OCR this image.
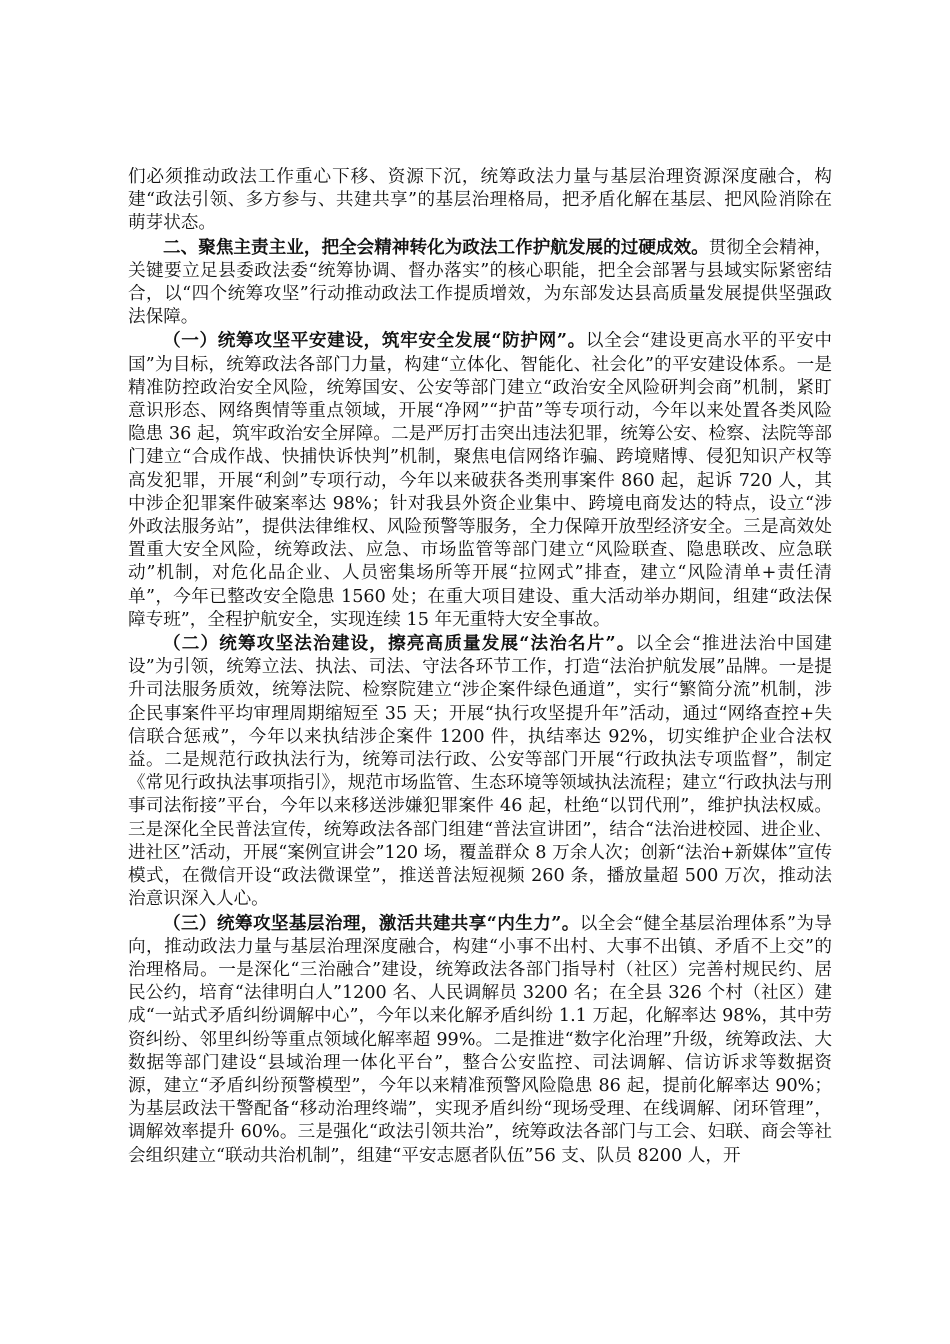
们必须推动政法工作重心下移、资源下沉，统筹政法力量与基层治理资源深度融合，构建“政法引领、多方参与、共建共享”的基层治理格局，把矛盾化解在基层、把风险消除在萌芽状态。

二、聚焦主责主业，把全会精神转化为政法工作护航发展的过硬成效。贯彻全会精神，关键要立足县委政法委“统筹协调、督办落实”的核心职能，把全会部署与县域实际紧密结合，以“四个统筹攻坚”行动推动政法工作提质增效，为东部发达县高质量发展提供坚强政法保障。

（一）统筹攻坚平安建设，筑牢安全发展“防护网”。以全会“建设更高水平的平安中国”为目标，统筹政法各部门力量，构建“立体化、智能化、社会化”的平安建设体系。一是精准防控政治安全风险，统筹国安、公安等部门建立“政治安全风险研判会商”机制，紧盯意识形态、网络舆情等重点领域，开展“净网”“护苗”等专项行动，今年以来处置各类风险隐患 36 起，筑牢政治安全屏障。二是严厉打击突出违法犯罪，统筹公安、检察、法院等部门建立“合成作战、快捕快诉快判”机制，聚焦电信网络诈骗、跨境赌博、侵犯知识产权等高发犯罪，开展“利剑”专项行动，今年以来破获各类刑事案件 860 起，起诉 720 人，其中涉企犯罪案件破案率达 98%；针对我县外资企业集中、跨境电商发达的特点，设立“涉外政法服务站”，提供法律维权、风险预警等服务，全力保障开放型经济安全。三是高效处置重大安全风险，统筹政法、应急、市场监管等部门建立“风险联查、隐患联改、应急联动”机制，对危化品企业、人员密集场所等开展“拉网式”排查，建立“风险清单+责任清单”，今年已整改安全隐患 1560 处；在重大项目建设、重大活动举办期间，组建“政法保障专班”，全程护航安全，实现连续 15 年无重特大安全事故。

（二）统筹攻坚法治建设，擦亮高质量发展“法治名片”。以全会“推进法治中国建设”为引领，统筹立法、执法、司法、守法各环节工作，打造“法治护航发展”品牌。一是提升司法服务质效，统筹法院、检察院建立“涉企案件绿色通道”，实行“繁简分流”机制，涉企民事案件平均审理周期缩短至 35 天；开展“执行攻坚提升年”活动，通过“网络查控+失信联合惩戒”，今年以来执结涉企案件 1200 件，执结率达 92%，切实维护企业合法权益。二是规范行政执法行为，统筹司法行政、公安等部门开展“行政执法专项监督”，制定《常见行政执法事项指引》，规范市场监管、生态环境等领域执法流程；建立“行政执法与刑事司法衔接”平台，今年以来移送涉嫌犯罪案件 46 起，杜绝“以罚代刑”，维护执法权威。三是深化全民普法宣传，统筹政法各部门组建“普法宣讲团”，结合“法治进校园、进企业、进社区”活动，开展“案例宣讲会”120 场，覆盖群众 8 万余人次；创新“法治+新媒体”宣传模式，在微信开设“政法微课堂”，推送普法短视频 260 条，播放量超 500 万次，推动法治意识深入人心。

（三）统筹攻坚基层治理，激活共建共享“内生力”。以全会“健全基层治理体系”为导向，推动政法力量与基层治理深度融合，构建“小事不出村、大事不出镇、矛盾不上交”的治理格局。一是深化“三治融合”建设，统筹政法各部门指导村（社区）完善村规民约、居民公约，培育“法律明白人”1200 名、人民调解员 3200 名；在全县 326 个村（社区）建成“一站式矛盾纠纷调解中心”，今年以来化解矛盾纠纷 1.1 万起，化解率达 98%，其中劳资纠纷、邻里纠纷等重点领域化解率超 99%。二是推进“数字化治理”升级，统筹政法、大数据等部门建设“县域治理一体化平台”，整合公安监控、司法调解、信访诉求等数据资源，建立“矛盾纠纷预警模型”，今年以来精准预警风险隐患 86 起，提前化解率达 90%；为基层政法干警配备“移动治理终端”，实现矛盾纠纷“现场受理、在线调解、闭环管理”，调解效率提升 60%。三是强化“政法引领共治”，统筹政法各部门与工会、妇联、商会等社会组织建立“联动共治机制”，组建“平安志愿者队伍”56 支、队员 8200 人，开
